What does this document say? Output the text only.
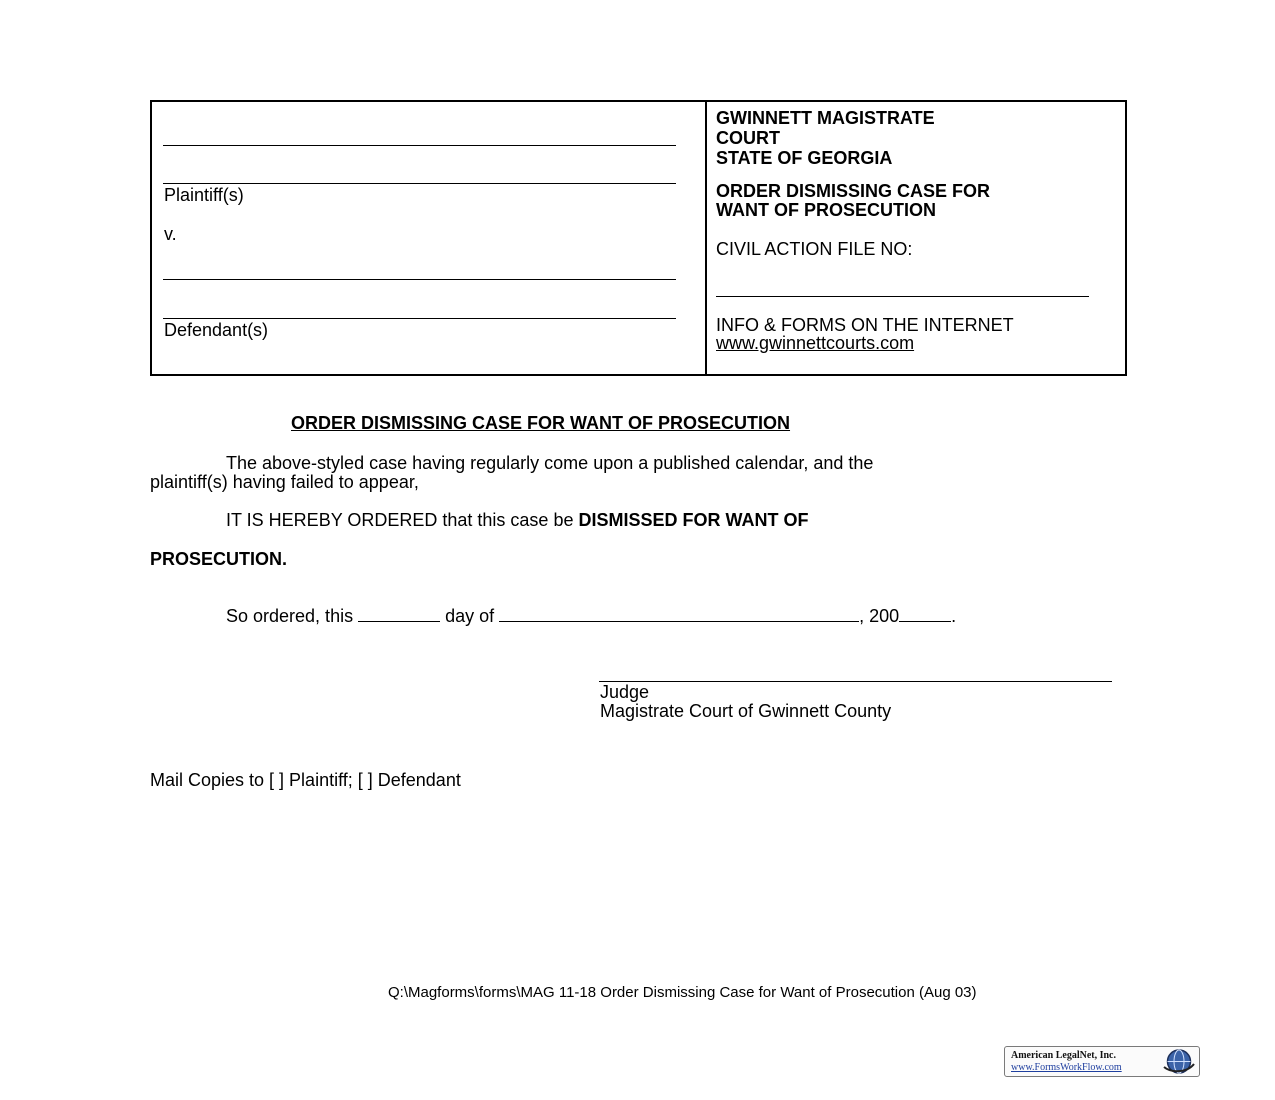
Plaintiff(s)
v.
Defendant(s)
GWINNETT MAGISTRATE
COURT
STATE OF GEORGIA
ORDER DISMISSING CASE FOR
WANT OF PROSECUTION
CIVIL ACTION FILE NO:
INFO & FORMS ON THE INTERNET
www.gwinnettcourts.com
ORDER DISMISSING CASE FOR WANT OF PROSECUTION
The above-styled case having regularly come upon a published calendar, and the
plaintiff(s) having failed to appear,
IT IS HEREBY ORDERED that this case be DISMISSED FOR WANT OF
PROSECUTION.
So ordered, this	day of	, 200	.
Judge
Magistrate Court of Gwinnett County
Mail Copies to [ ] Plaintiff; [ ] Defendant
Q:\Magforms\forms\MAG 11-18 Order Dismissing Case for Want of Prosecution (Aug 03)
American LegalNet, Inc.
www.FormsWorkFlow.com
